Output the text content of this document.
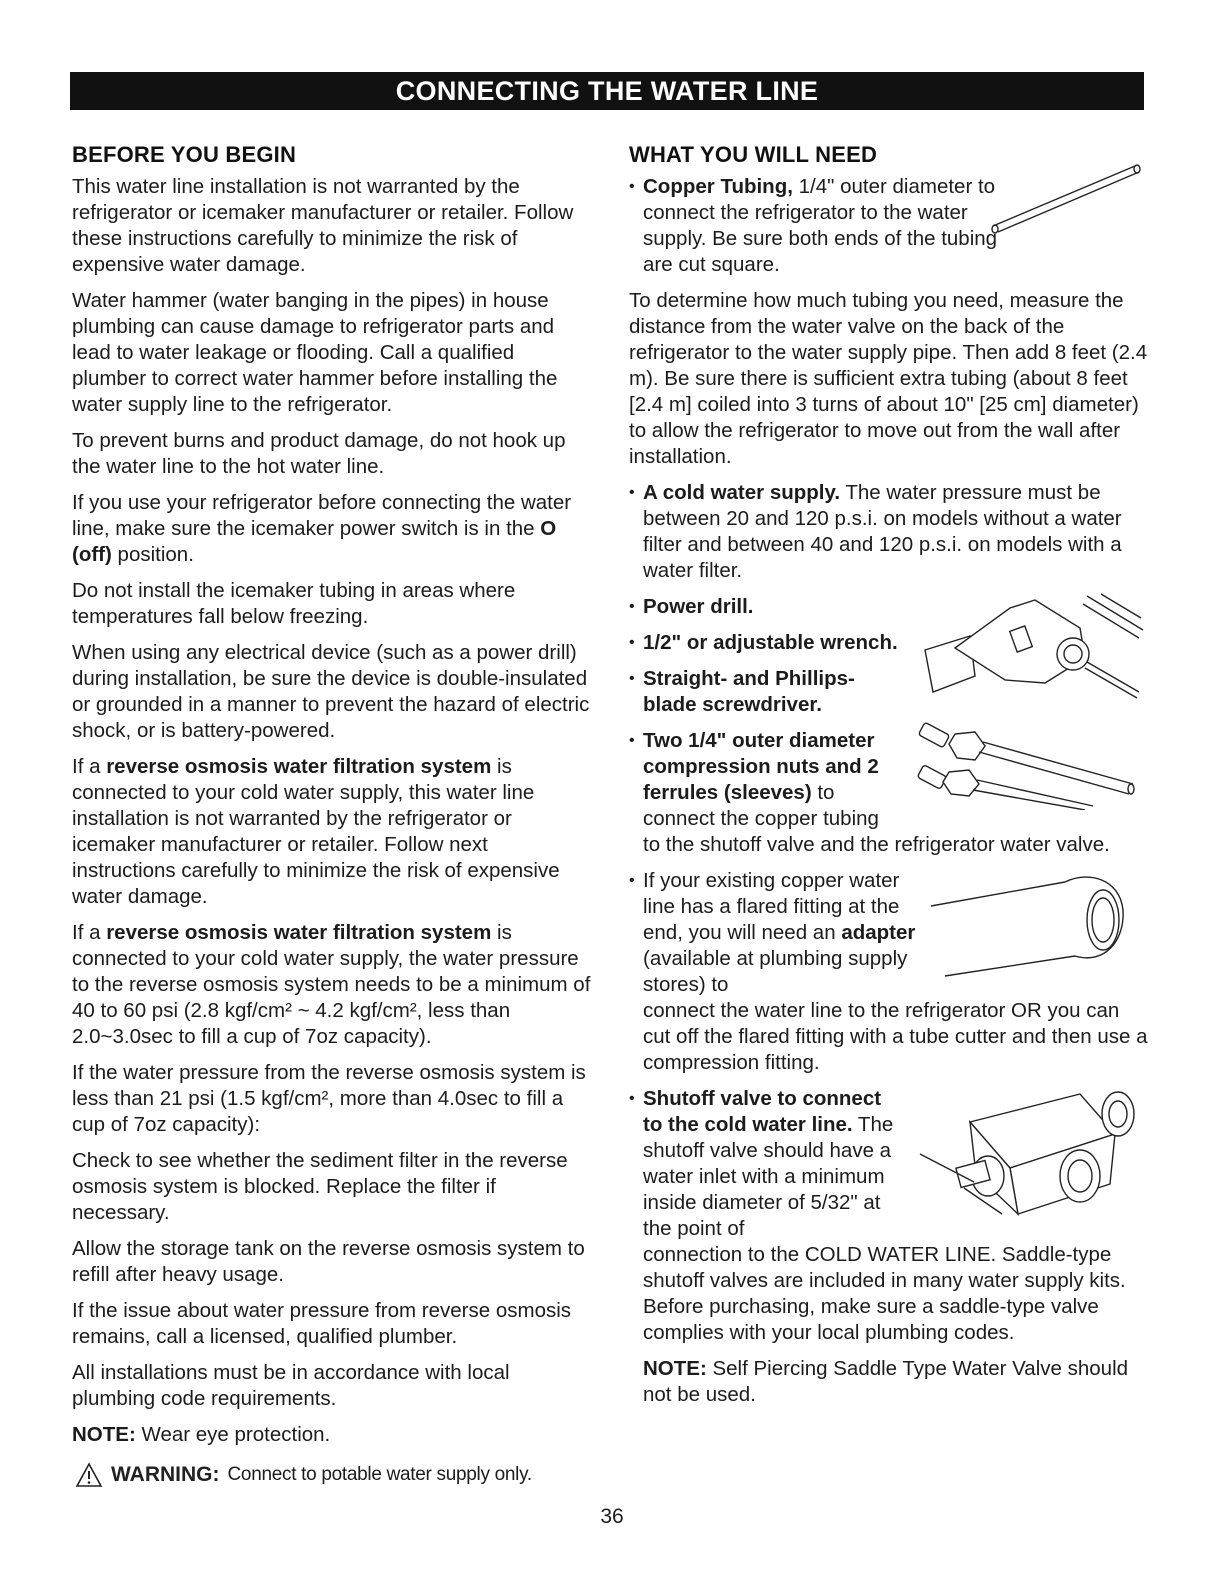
CONNECTING THE WATER LINE
BEFORE YOU BEGIN

This water line installation is not warranted by the refrigerator or icemaker manufacturer or retailer. Follow these instructions carefully to minimize the risk of expensive water damage.

Water hammer (water banging in the pipes) in house plumbing can cause damage to refrigerator parts and lead to water leakage or flooding. Call a qualified plumber to correct water hammer before installing the water supply line to the refrigerator.

To prevent burns and product damage, do not hook up the water line to the hot water line.

If you use your refrigerator before connecting the water line, make sure the icemaker power switch is in the O (off) position.

Do not install the icemaker tubing in areas where temperatures fall below freezing.

When using any electrical device (such as a power drill) during installation, be sure the device is double-insulated or grounded in a manner to prevent the hazard of electric shock, or is battery-powered.

If a reverse osmosis water filtration system is connected to your cold water supply, this water line installation is not warranted by the refrigerator or icemaker manufacturer or retailer. Follow next instructions carefully to minimize the risk of expensive water damage.

If a reverse osmosis water filtration system is connected to your cold water supply, the water pressure to the reverse osmosis system needs to be a minimum of 40 to 60 psi (2.8 kgf/cm² ~ 4.2 kgf/cm², less than 2.0~3.0sec to fill a cup of 7oz capacity).

If the water pressure from the reverse osmosis system is less than 21 psi (1.5 kgf/cm², more than 4.0sec to fill a cup of 7oz capacity):

Check to see whether the sediment filter in the reverse osmosis system is blocked. Replace the filter if necessary.

Allow the storage tank on the reverse osmosis system to refill after heavy usage.

If the issue about water pressure from reverse osmosis remains, call a licensed, qualified plumber.

All installations must be in accordance with local plumbing code requirements.

NOTE: Wear eye protection.

WHAT YOU WILL NEED
• Copper Tubing, 1/4" outer diameter to connect the refrigerator to the water supply. Be sure both ends of the tubing are cut square.

To determine how much tubing you need, measure the distance from the water valve on the back of the refrigerator to the water supply pipe. Then add 8 feet (2.4 m). Be sure there is sufficient extra tubing (about 8 feet [2.4 m] coiled into 3 turns of about 10" [25 cm] diameter) to allow the refrigerator to move out from the wall after installation.

• A cold water supply. The water pressure must be between 20 and 120 p.s.i. on models without a water filter and between 40 and 120 p.s.i. on models with a water filter.
• Power drill.
• 1/2" or adjustable wrench.
• Straight- and Phillips-blade screwdriver.
• Two 1/4" outer diameter compression nuts and 2 ferrules (sleeves) to connect the copper tubing
to the shutoff valve and the refrigerator water valve.
• If your existing copper water line has a flared fitting at the end, you will need an adapter (available at plumbing supply stores) to
connect the water line to the refrigerator OR you can cut off the flared fitting with a tube cutter and then use a compression fitting.
• Shutoff valve to connect to the cold water line. The shutoff valve should have a water inlet with a minimum inside diameter of 5/32" at the point of
connection to the COLD WATER LINE. Saddle-type shutoff valves are included in many water supply kits. Before purchasing, make sure a saddle-type valve complies with your local plumbing codes.

NOTE: Self Piercing Saddle Type Water Valve should not be used.

WARNING: Connect to potable water supply only.
36
